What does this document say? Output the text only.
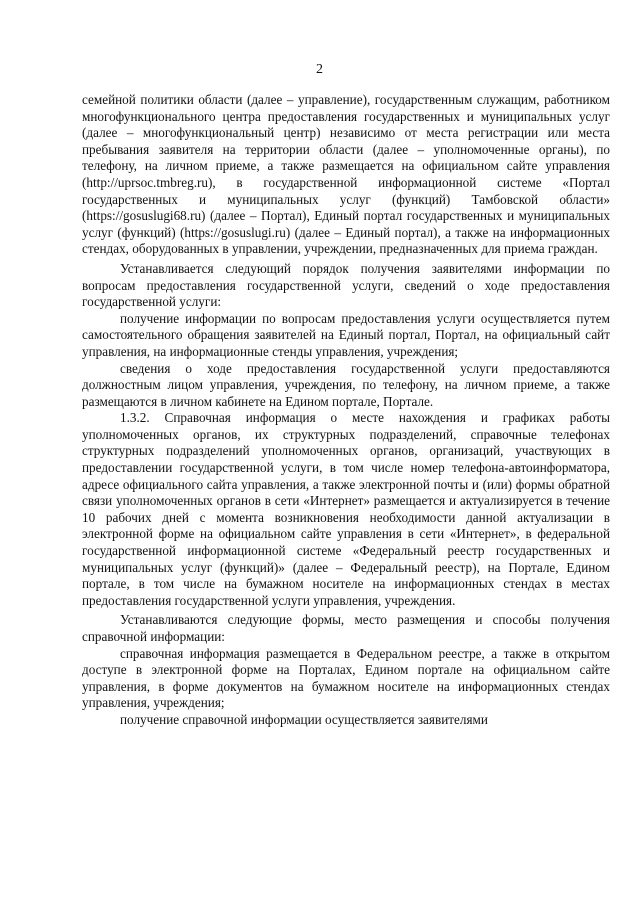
2

семейной политики области (далее – управление), государственным служащим, работником многофункционального центра предоставления государственных и муниципальных услуг (далее – многофункциональный центр) независимо от места регистрации или места пребывания заявителя на территории области (далее – уполномоченные органы), по телефону, на личном приеме, а также размещается на официальном сайте управления (http://uprsoc.tmbreg.ru), в государственной информационной системе «Портал государственных и муниципальных услуг (функций) Тамбовской области» (https://gosuslugi68.ru) (далее – Портал), Единый портал государственных и муниципальных услуг (функций) (https://gosuslugi.ru) (далее – Единый портал), а также на информационных стендах, оборудованных в управлении, учреждении, предназначенных для приема граждан.

Устанавливается следующий порядок получения заявителями информации по вопросам предоставления государственной услуги, сведений о ходе предоставления государственной услуги:

получение информации по вопросам предоставления услуги осуществляется путем самостоятельного обращения заявителей на Единый портал, Портал, на официальный сайт управления, на информационные стенды управления, учреждения;

сведения о ходе предоставления государственной услуги предоставляются должностным лицом управления, учреждения, по телефону, на личном приеме, а также размещаются в личном кабинете на Едином портале, Портале.

1.3.2. Справочная информация о месте нахождения и графиках работы уполномоченных органов, их структурных подразделений, справочные телефонах структурных подразделений уполномоченных органов, организаций, участвующих в предоставлении государственной услуги, в том числе номер телефона-автоинформатора, адресе официального сайта управления, а также электронной почты и (или) формы обратной связи уполномоченных органов в сети «Интернет» размещается и актуализируется в течение 10 рабочих дней с момента возникновения необходимости данной актуализации в электронной форме на официальном сайте управления в сети «Интернет», в федеральной государственной информационной системе «Федеральный реестр государственных и муниципальных услуг (функций)» (далее – Федеральный реестр), на Портале, Едином портале, в том числе на бумажном носителе на информационных стендах в местах предоставления государственной услуги управления, учреждения.

Устанавливаются следующие формы, место размещения и способы получения справочной информации:

справочная информация размещается в Федеральном реестре, а также в открытом доступе в электронной форме на Порталах, Едином портале на официальном сайте управления, в форме документов на бумажном носителе на информационных стендах управления, учреждения;

получение справочной информации осуществляется заявителями
